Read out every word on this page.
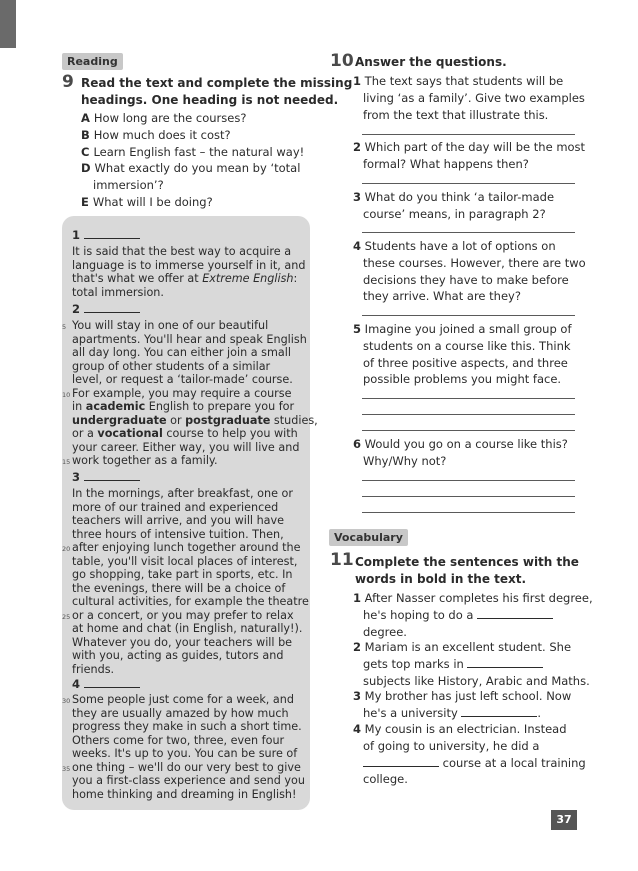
Reading
9 Read the text and complete the missing
headings. One heading is not needed.
A How long are the courses?
B How much does it cost?
C Learn English fast – the natural way!
D What exactly do you mean by ‘total
immersion’?
E What will I be doing?
1
It is said that the best way to acquire a
language is to immerse yourself in it, and
that's what we offer at Extreme English:
total immersion.
2
5 You will stay in one of our beautiful
apartments. You'll hear and speak English
all day long. You can either join a small
group of other students of a similar
level, or request a ‘tailor-made’ course.
10 For example, you may require a course
in academic English to prepare you for
undergraduate or postgraduate studies,
or a vocational course to help you with
your career. Either way, you will live and
15 work together as a family.
3
In the mornings, after breakfast, one or
more of our trained and experienced
teachers will arrive, and you will have
three hours of intensive tuition. Then,
20 after enjoying lunch together around the
table, you'll visit local places of interest,
go shopping, take part in sports, etc. In
the evenings, there will be a choice of
cultural activities, for example the theatre
25 or a concert, or you may prefer to relax
at home and chat (in English, naturally!).
Whatever you do, your teachers will be
with you, acting as guides, tutors and
friends.
4
30 Some people just come for a week, and
they are usually amazed by how much
progress they make in such a short time.
Others come for two, three, even four
weeks. It's up to you. You can be sure of
35 one thing – we'll do our very best to give
you a first-class experience and send you
home thinking and dreaming in English!
10 Answer the questions.
1 The text says that students will be
living ‘as a family’. Give two examples
from the text that illustrate this.
2 Which part of the day will be the most
formal? What happens then?
3 What do you think ‘a tailor-made
course’ means, in paragraph 2?
4 Students have a lot of options on
these courses. However, there are two
decisions they have to make before
they arrive. What are they?
5 Imagine you joined a small group of
students on a course like this. Think
of three positive aspects, and three
possible problems you might face.
6 Would you go on a course like this?
Why/Why not?
Vocabulary
11 Complete the sentences with the
words in bold in the text.
1 After Nasser completes his first degree,
he's hoping to do a
degree.
2 Mariam is an excellent student. She
gets top marks in
subjects like History, Arabic and Maths.
3 My brother has just left school. Now
he's a university	.
4 My cousin is an electrician. Instead
of going to university, he did a
course at a local training
college.
37
